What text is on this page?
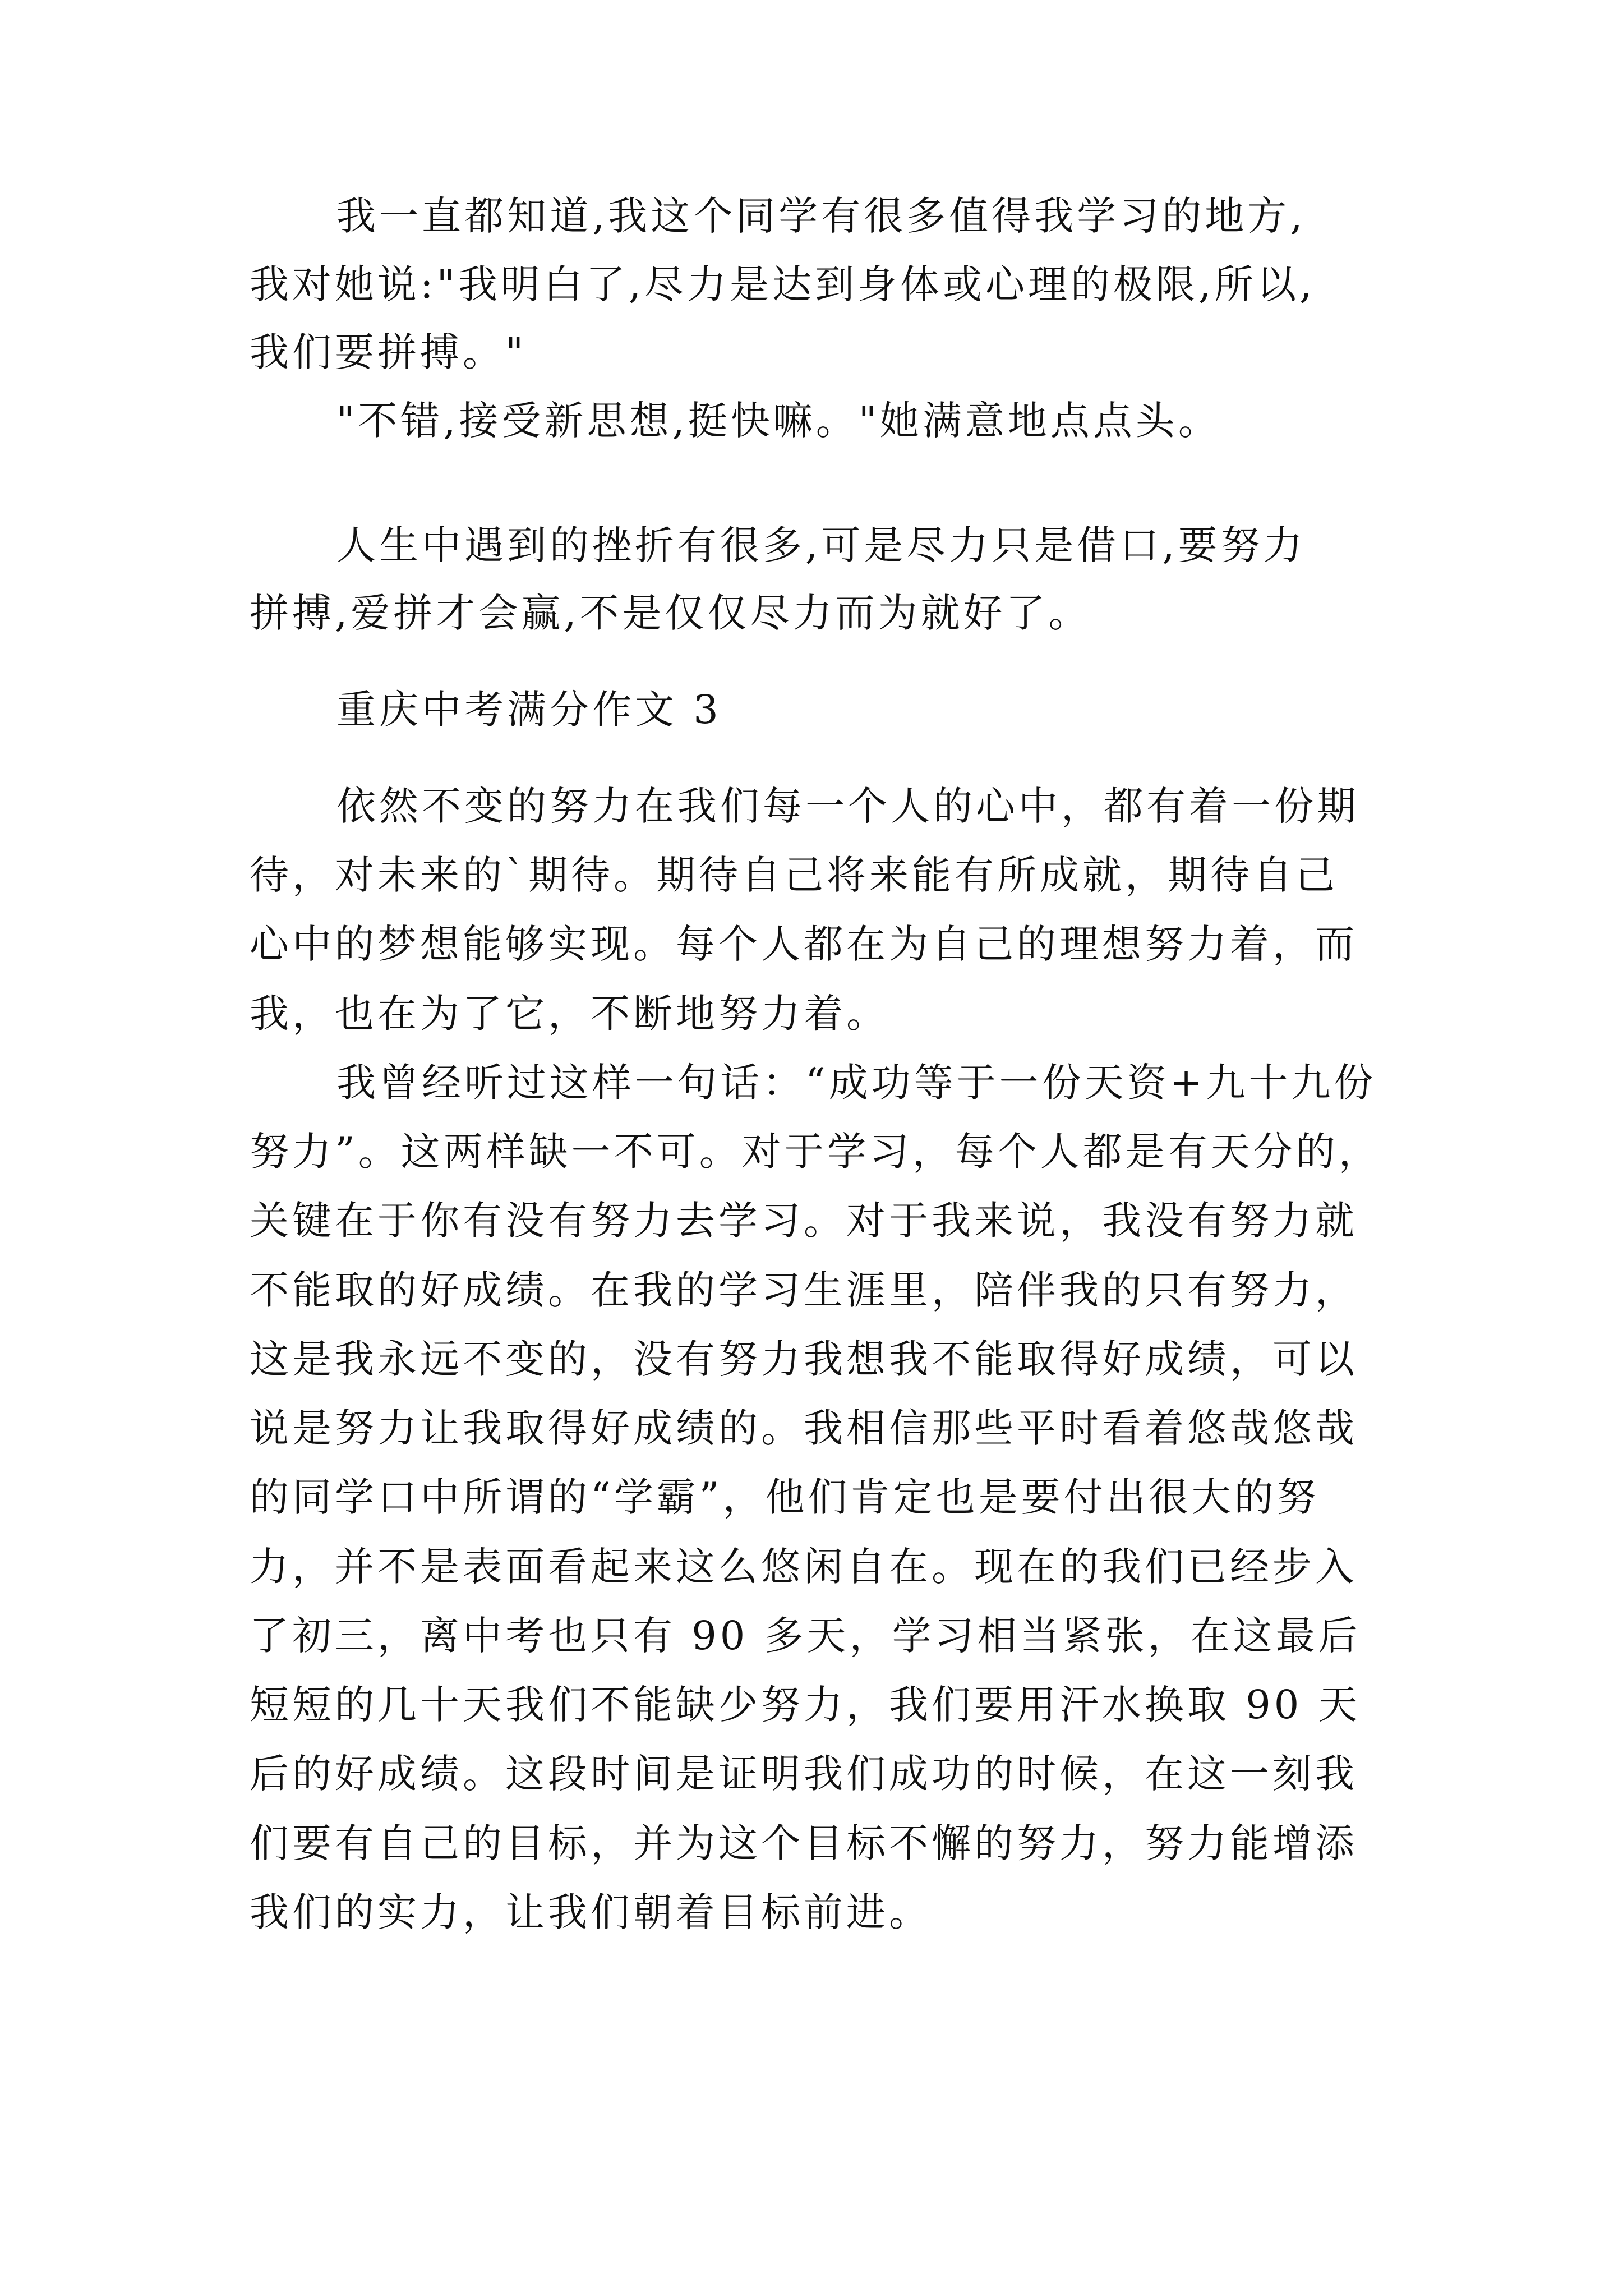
我一直都知道,我这个同学有很多值得我学习的地方,
我对她说:"我明白了,尽力是达到身体或心理的极限,所以,
我们要拼搏。"
"不错,接受新思想,挺快嘛。"她满意地点点头。
人生中遇到的挫折有很多,可是尽力只是借口,要努力
拼搏,爱拼才会赢,不是仅仅尽力而为就好了。
重庆中考满分作文 3
依然不变的努力在我们每一个人的心中，都有着一份期
待，对未来的`期待。期待自己将来能有所成就，期待自己
心中的梦想能够实现。每个人都在为自己的理想努力着，而
我，也在为了它，不断地努力着。
我曾经听过这样一句话：“成功等于一份天资+九十九份
努力”。这两样缺一不可。对于学习，每个人都是有天分的，
关键在于你有没有努力去学习。对于我来说，我没有努力就
不能取的好成绩。在我的学习生涯里，陪伴我的只有努力，
这是我永远不变的，没有努力我想我不能取得好成绩，可以
说是努力让我取得好成绩的。我相信那些平时看着悠哉悠哉
的同学口中所谓的“学霸”，他们肯定也是要付出很大的努
力，并不是表面看起来这么悠闲自在。现在的我们已经步入
了初三，离中考也只有 90 多天，学习相当紧张，在这最后
短短的几十天我们不能缺少努力，我们要用汗水换取 90 天
后的好成绩。这段时间是证明我们成功的时候，在这一刻我
们要有自己的目标，并为这个目标不懈的努力，努力能增添
我们的实力，让我们朝着目标前进。
